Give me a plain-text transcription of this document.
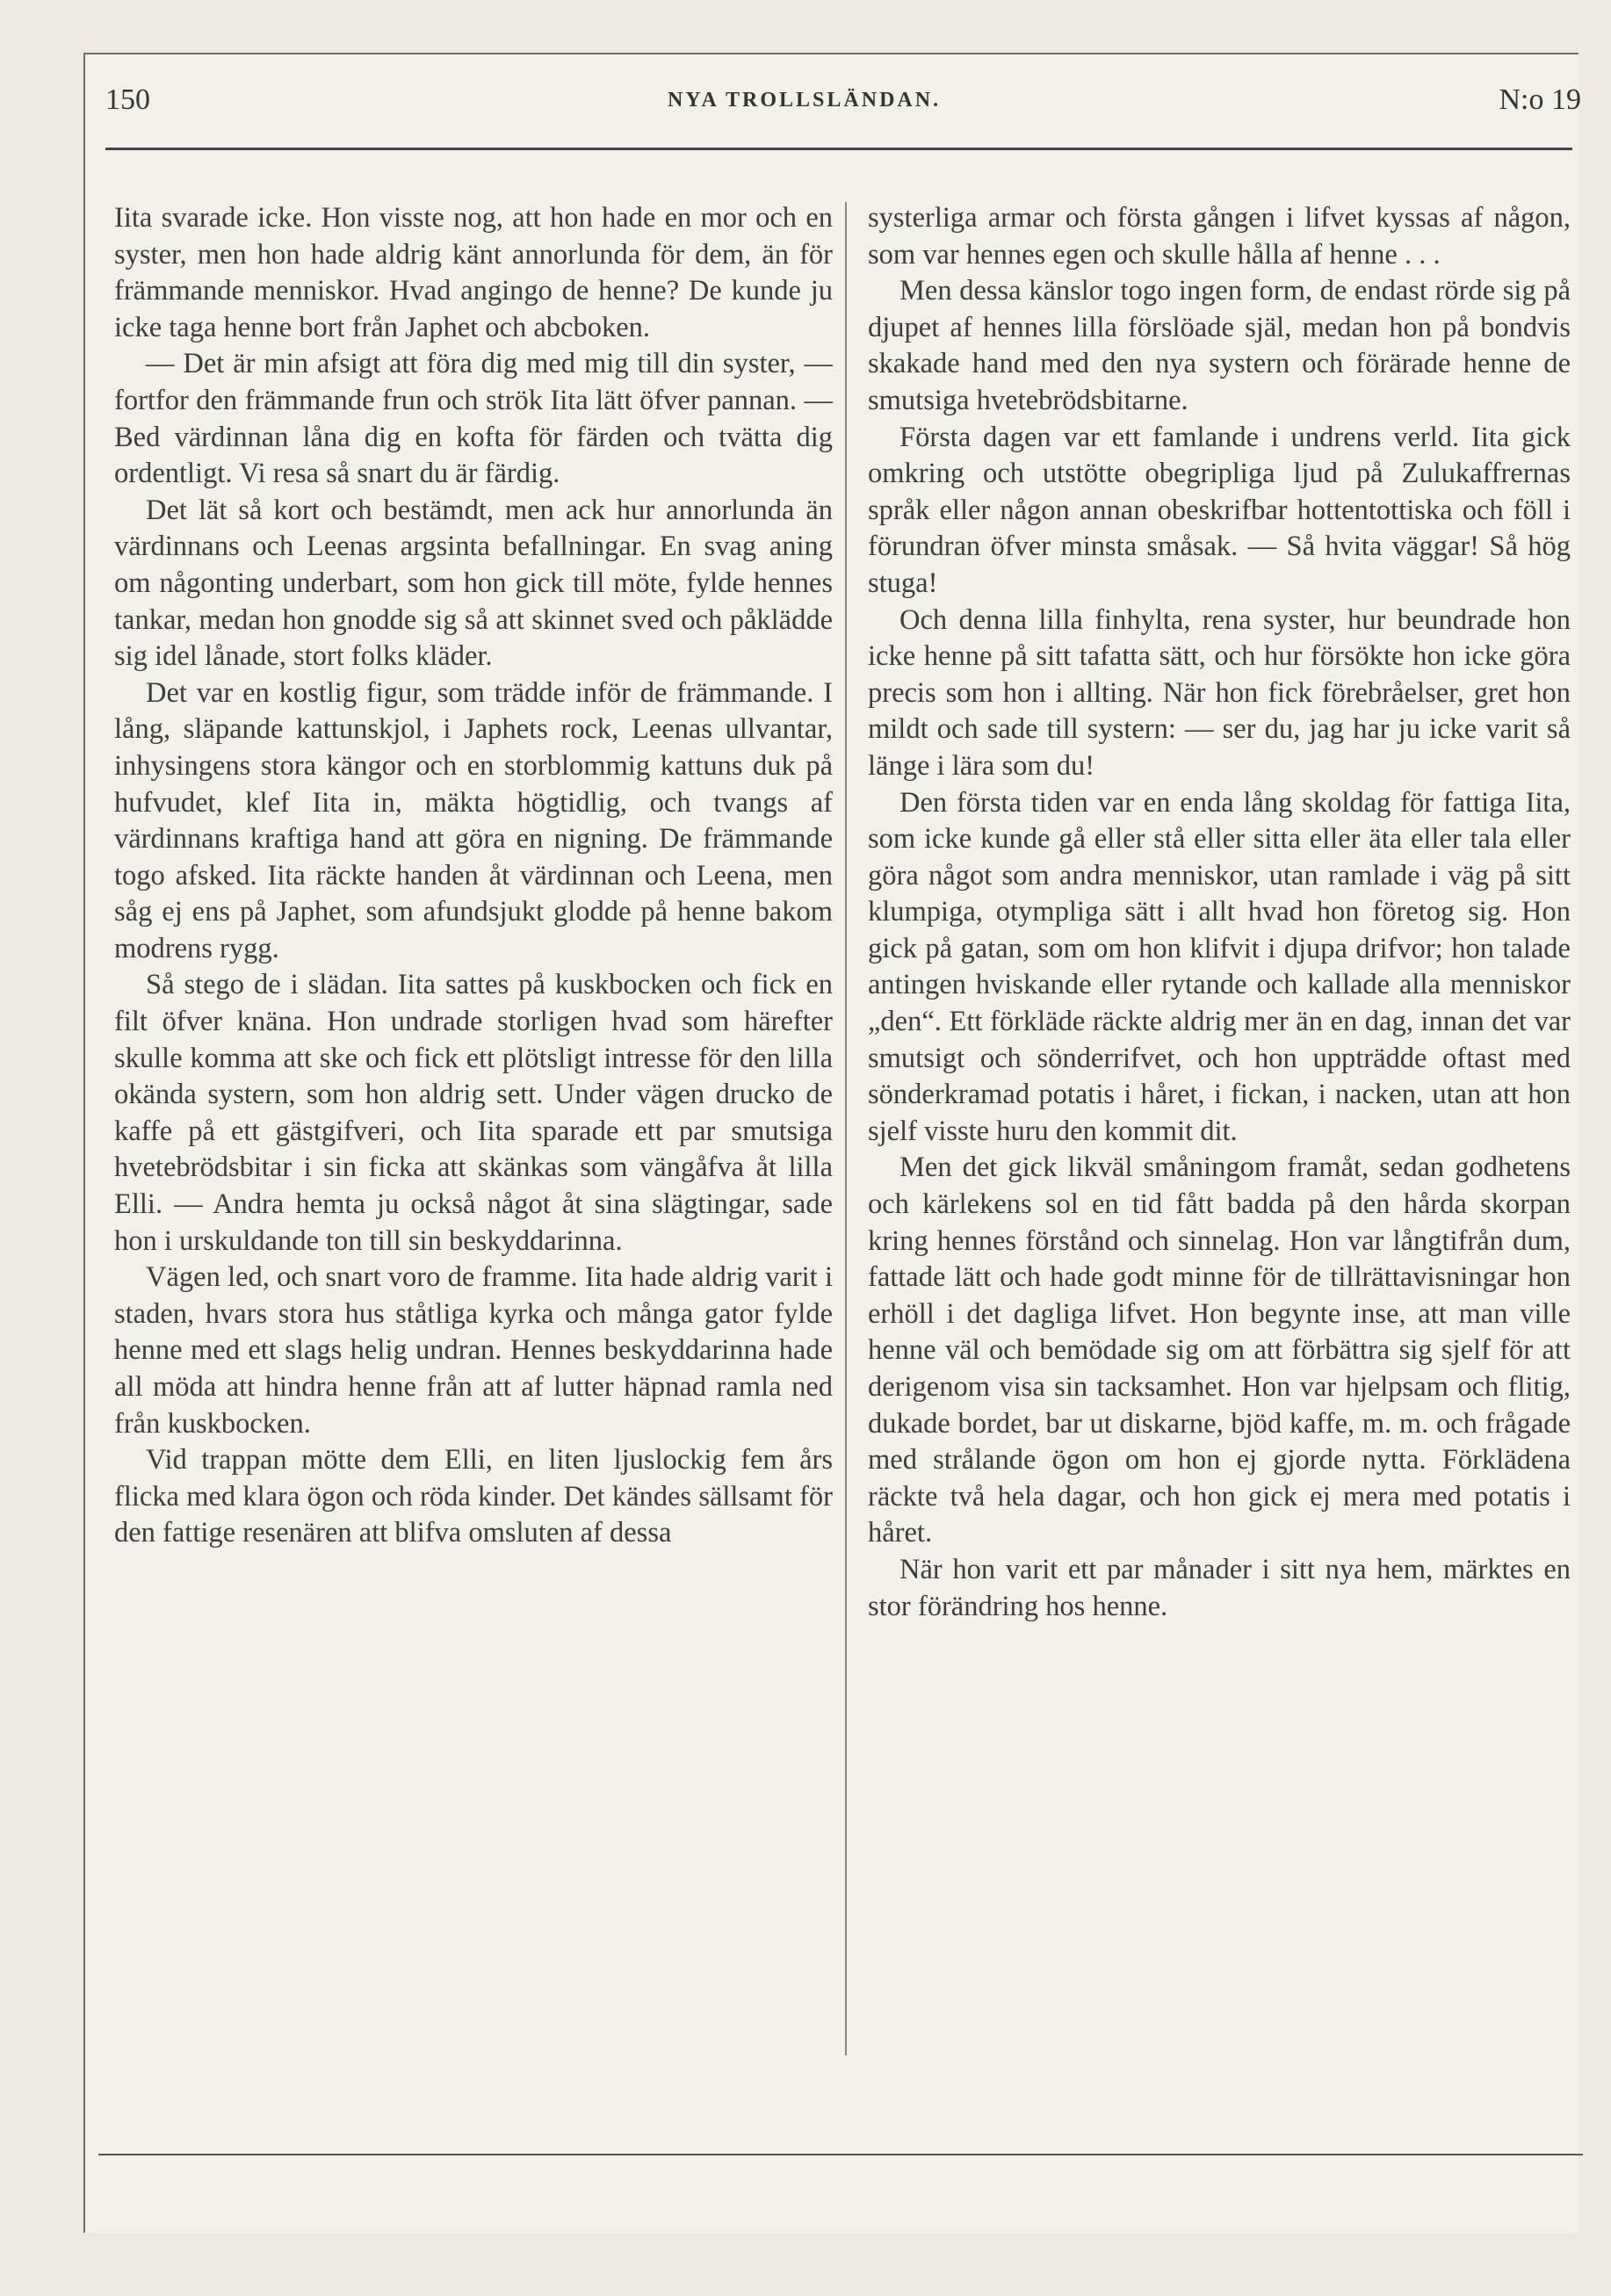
150	NYA TROLLSLÄNDAN.	N:o 19

Iita svarade icke. Hon visste nog, att hon hade en mor och en syster, men hon hade aldrig känt annorlunda för dem, än för främmande menniskor. Hvad angingo de henne? De kunde ju icke taga henne bort från Japhet och abcboken.

— Det är min afsigt att föra dig med mig till din syster, — fortfor den främmande frun och strök Iita lätt öfver pannan. — Bed värdinnan låna dig en kofta för färden och tvätta dig ordentligt. Vi resa så snart du är färdig.

Det lät så kort och bestämdt, men ack hur annorlunda än värdinnans och Leenas argsinta befallningar. En svag aning om någonting underbart, som hon gick till möte, fylde hennes tankar, medan hon gnodde sig så att skinnet sved och påklädde sig idel lånade, stort folks kläder.

Det var en kostlig figur, som trädde inför de främmande. I lång, släpande kattunskjol, i Japhets rock, Leenas ullvantar, inhysingens stora kängor och en storblommig kattuns duk på hufvudet, klef Iita in, mäkta högtidlig, och tvangs af värdinnans kraftiga hand att göra en nigning. De främmande togo afsked. Iita räckte handen åt värdinnan och Leena, men såg ej ens på Japhet, som afundsjukt glodde på henne bakom modrens rygg.

Så stego de i slädan. Iita sattes på kuskbocken och fick en filt öfver knäna. Hon undrade storligen hvad som härefter skulle komma att ske och fick ett plötsligt intresse för den lilla okända systern, som hon aldrig sett. Under vägen drucko de kaffe på ett gästgifveri, och Iita sparade ett par smutsiga hvetebrödsbitar i sin ficka att skänkas som vängåfva åt lilla Elli. — Andra hemta ju också något åt sina slägtingar, sade hon i urskuldande ton till sin beskyddarinna.

Vägen led, och snart voro de framme. Iita hade aldrig varit i staden, hvars stora hus ståtliga kyrka och många gator fylde henne med ett slags helig undran. Hennes beskyddarinna hade all möda att hindra henne från att af lutter häpnad ramla ned från kuskbocken.

Vid trappan mötte dem Elli, en liten ljuslockig fem års flicka med klara ögon och röda kinder. Det kändes sällsamt för den fattige resenären att blifva omsluten af dessa

systerliga armar och första gången i lifvet kyssas af någon, som var hennes egen och skulle hålla af henne . . .

Men dessa känslor togo ingen form, de endast rörde sig på djupet af hennes lilla förslöade själ, medan hon på bondvis skakade hand med den nya systern och förärade henne de smutsiga hvetebrödsbitarne.

Första dagen var ett famlande i undrens verld. Iita gick omkring och utstötte obegripliga ljud på Zulukaffrernas språk eller någon annan obeskrifbar hottentottiska och föll i förundran öfver minsta småsak. — Så hvita väggar! Så hög stuga!

Och denna lilla finhylta, rena syster, hur beundrade hon icke henne på sitt tafatta sätt, och hur försökte hon icke göra precis som hon i allting. När hon fick förebråelser, gret hon mildt och sade till systern: — ser du, jag har ju icke varit så länge i lära som du!

Den första tiden var en enda lång skoldag för fattiga Iita, som icke kunde gå eller stå eller sitta eller äta eller tala eller göra något som andra menniskor, utan ramlade i väg på sitt klumpiga, otympliga sätt i allt hvad hon företog sig. Hon gick på gatan, som om hon klifvit i djupa drifvor; hon talade antingen hviskande eller rytande och kallade alla menniskor „den“. Ett förkläde räckte aldrig mer än en dag, innan det var smutsigt och sönderrifvet, och hon uppträdde oftast med sönderkramad potatis i håret, i fickan, i nacken, utan att hon sjelf visste huru den kommit dit.

Men det gick likväl småningom framåt, sedan godhetens och kärlekens sol en tid fått badda på den hårda skorpan kring hennes förstånd och sinnelag. Hon var långtifrån dum, fattade lätt och hade godt minne för de tillrättavisningar hon erhöll i det dagliga lifvet. Hon begynte inse, att man ville henne väl och bemödade sig om att förbättra sig sjelf för att derigenom visa sin tacksamhet. Hon var hjelpsam och flitig, dukade bordet, bar ut diskarne, bjöd kaffe, m. m. och frågade med strålande ögon om hon ej gjorde nytta. Förklädena räckte två hela dagar, och hon gick ej mera med potatis i håret.

När hon varit ett par månader i sitt nya hem, märktes en stor förändring hos henne.
